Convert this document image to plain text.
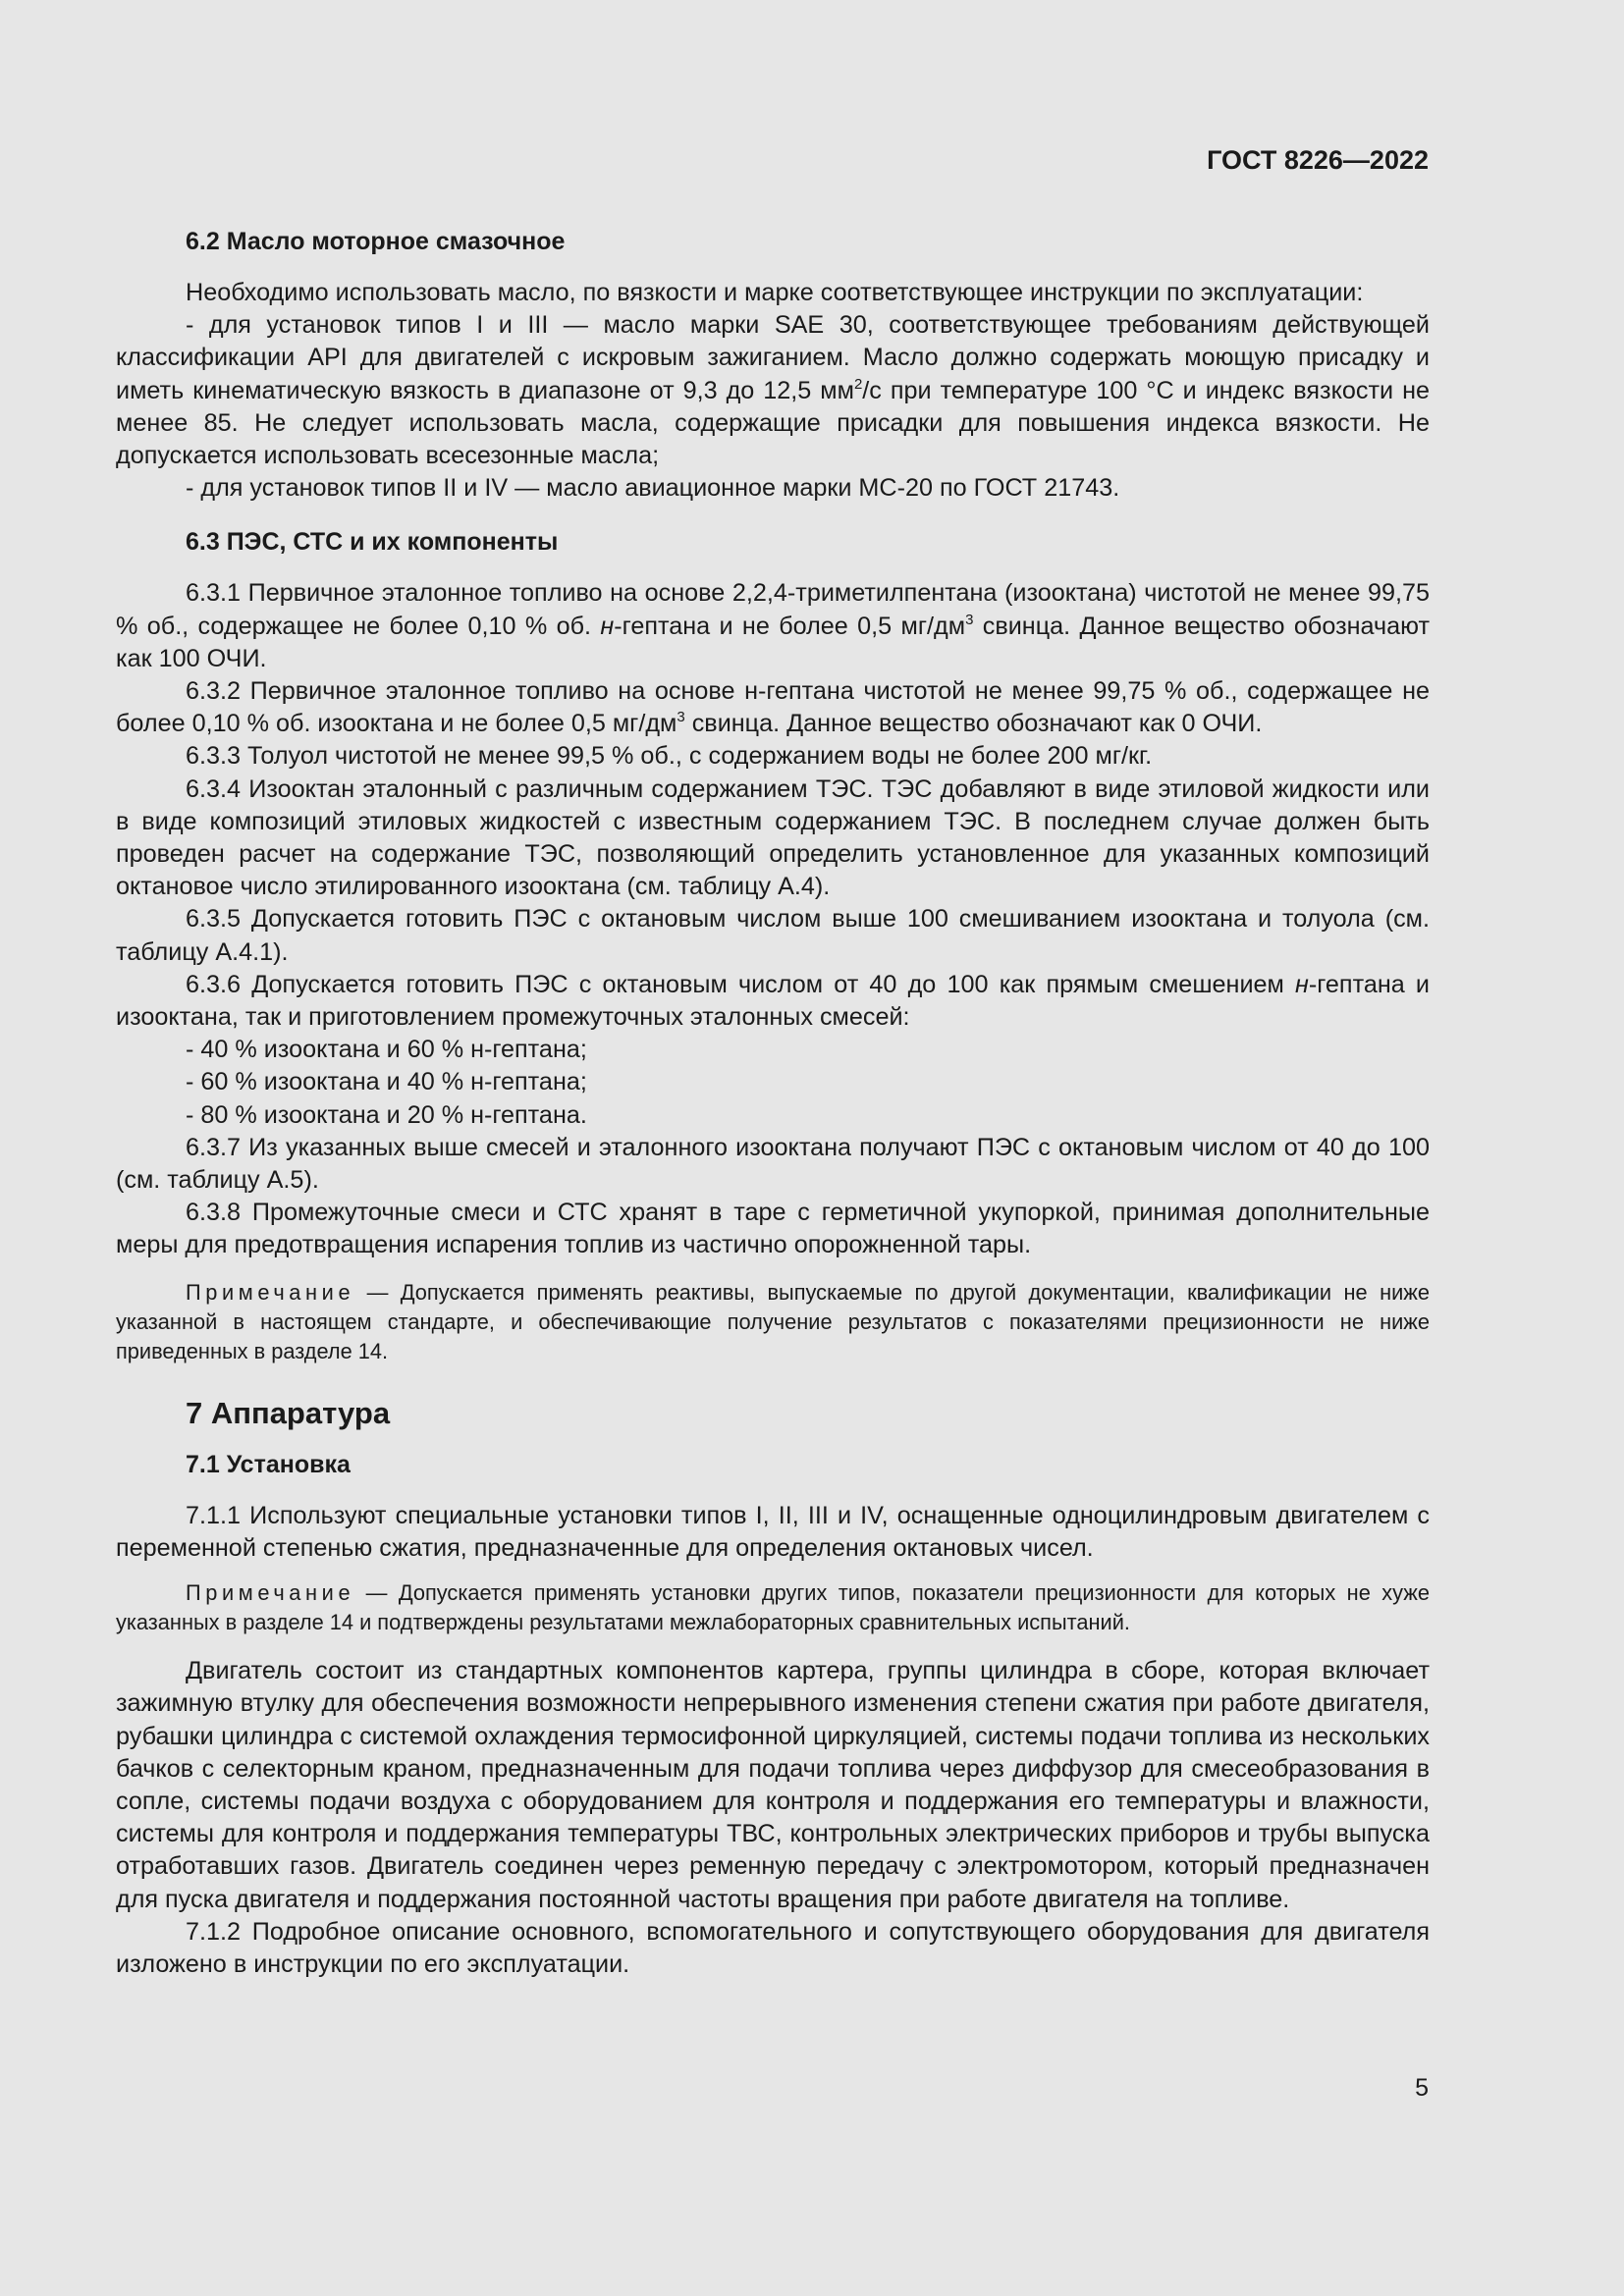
ГОСТ 8226—2022

6.2 Масло моторное смазочное

Необходимо использовать масло, по вязкости и марке соответствующее инструкции по эксплуатации:

- для установок типов I и III — масло марки SAE 30, соответствующее требованиям действующей классификации API для двигателей с искровым зажиганием. Масло должно содержать моющую присадку и иметь кинематическую вязкость в диапазоне от 9,3 до 12,5 $мм^2/с$ при температуре 100 °C и индекс вязкости не менее 85. Не следует использовать масла, содержащие присадки для повышения индекса вязкости. Не допускается использовать всесезонные масла;

- для установок типов II и IV — масло авиационное марки МС-20 по ГОСТ 21743.

6.3 ПЭС, СТС и их компоненты

6.3.1 Первичное эталонное топливо на основе 2,2,4-триметилпентана (изооктана) чистотой не менее 99,75 % об., содержащее не более 0,10 % об. н-гептана и не более 0,5 $мг/дм^3$ свинца. Данное вещество обозначают как 100 ОЧИ.

6.3.2 Первичное эталонное топливо на основе н-гептана чистотой не менее 99,75 % об., содержащее не более 0,10 % об. изооктана и не более 0,5 $мг/дм^3$ свинца. Данное вещество обозначают как 0 ОЧИ.

6.3.3 Толуол чистотой не менее 99,5 % об., с содержанием воды не более 200 мг/кг.

6.3.4 Изооктан эталонный с различным содержанием ТЭС. ТЭС добавляют в виде этиловой жидкости или в виде композиций этиловых жидкостей с известным содержанием ТЭС. В последнем случае должен быть проведен расчет на содержание ТЭС, позволяющий определить установленное для указанных композиций октановое число этилированного изооктана (см. таблицу А.4).

6.3.5 Допускается готовить ПЭС с октановым числом выше 100 смешиванием изооктана и толуола (см. таблицу А.4.1).

6.3.6 Допускается готовить ПЭС с октановым числом от 40 до 100 как прямым смешением н-гептана и изооктана, так и приготовлением промежуточных эталонных смесей:

- 40 % изооктана и 60 % н-гептана;

- 60 % изооктана и 40 % н-гептана;

- 80 % изооктана и 20 % н-гептана.

6.3.7 Из указанных выше смесей и эталонного изооктана получают ПЭС с октановым числом от 40 до 100 (см. таблицу А.5).

6.3.8 Промежуточные смеси и СТС хранят в таре с герметичной укупоркой, принимая дополнительные меры для предотвращения испарения топлив из частично опорожненной тары.

Примечание — Допускается применять реактивы, выпускаемые по другой документации, квалификации не ниже указанной в настоящем стандарте, и обеспечивающие получение результатов с показателями прецизионности не ниже приведенных в разделе 14.

7 Аппаратура

7.1 Установка

7.1.1 Используют специальные установки типов I, II, III и IV, оснащенные одноцилиндровым двигателем с переменной степенью сжатия, предназначенные для определения октановых чисел.

Примечание — Допускается применять установки других типов, показатели прецизионности для которых не хуже указанных в разделе 14 и подтверждены результатами межлабораторных сравнительных испытаний.

Двигатель состоит из стандартных компонентов картера, группы цилиндра в сборе, которая включает зажимную втулку для обеспечения возможности непрерывного изменения степени сжатия при работе двигателя, рубашки цилиндра с системой охлаждения термосифонной циркуляцией, системы подачи топлива из нескольких бачков с селекторным краном, предназначенным для подачи топлива через диффузор для смесеобразования в сопле, системы подачи воздуха с оборудованием для контроля и поддержания его температуры и влажности, системы для контроля и поддержания температуры ТВС, контрольных электрических приборов и трубы выпуска отработавших газов. Двигатель соединен через ременную передачу с электромотором, который предназначен для пуска двигателя и поддержания постоянной частоты вращения при работе двигателя на топливе.

7.1.2 Подробное описание основного, вспомогательного и сопутствующего оборудования для двигателя изложено в инструкции по его эксплуатации.

5
